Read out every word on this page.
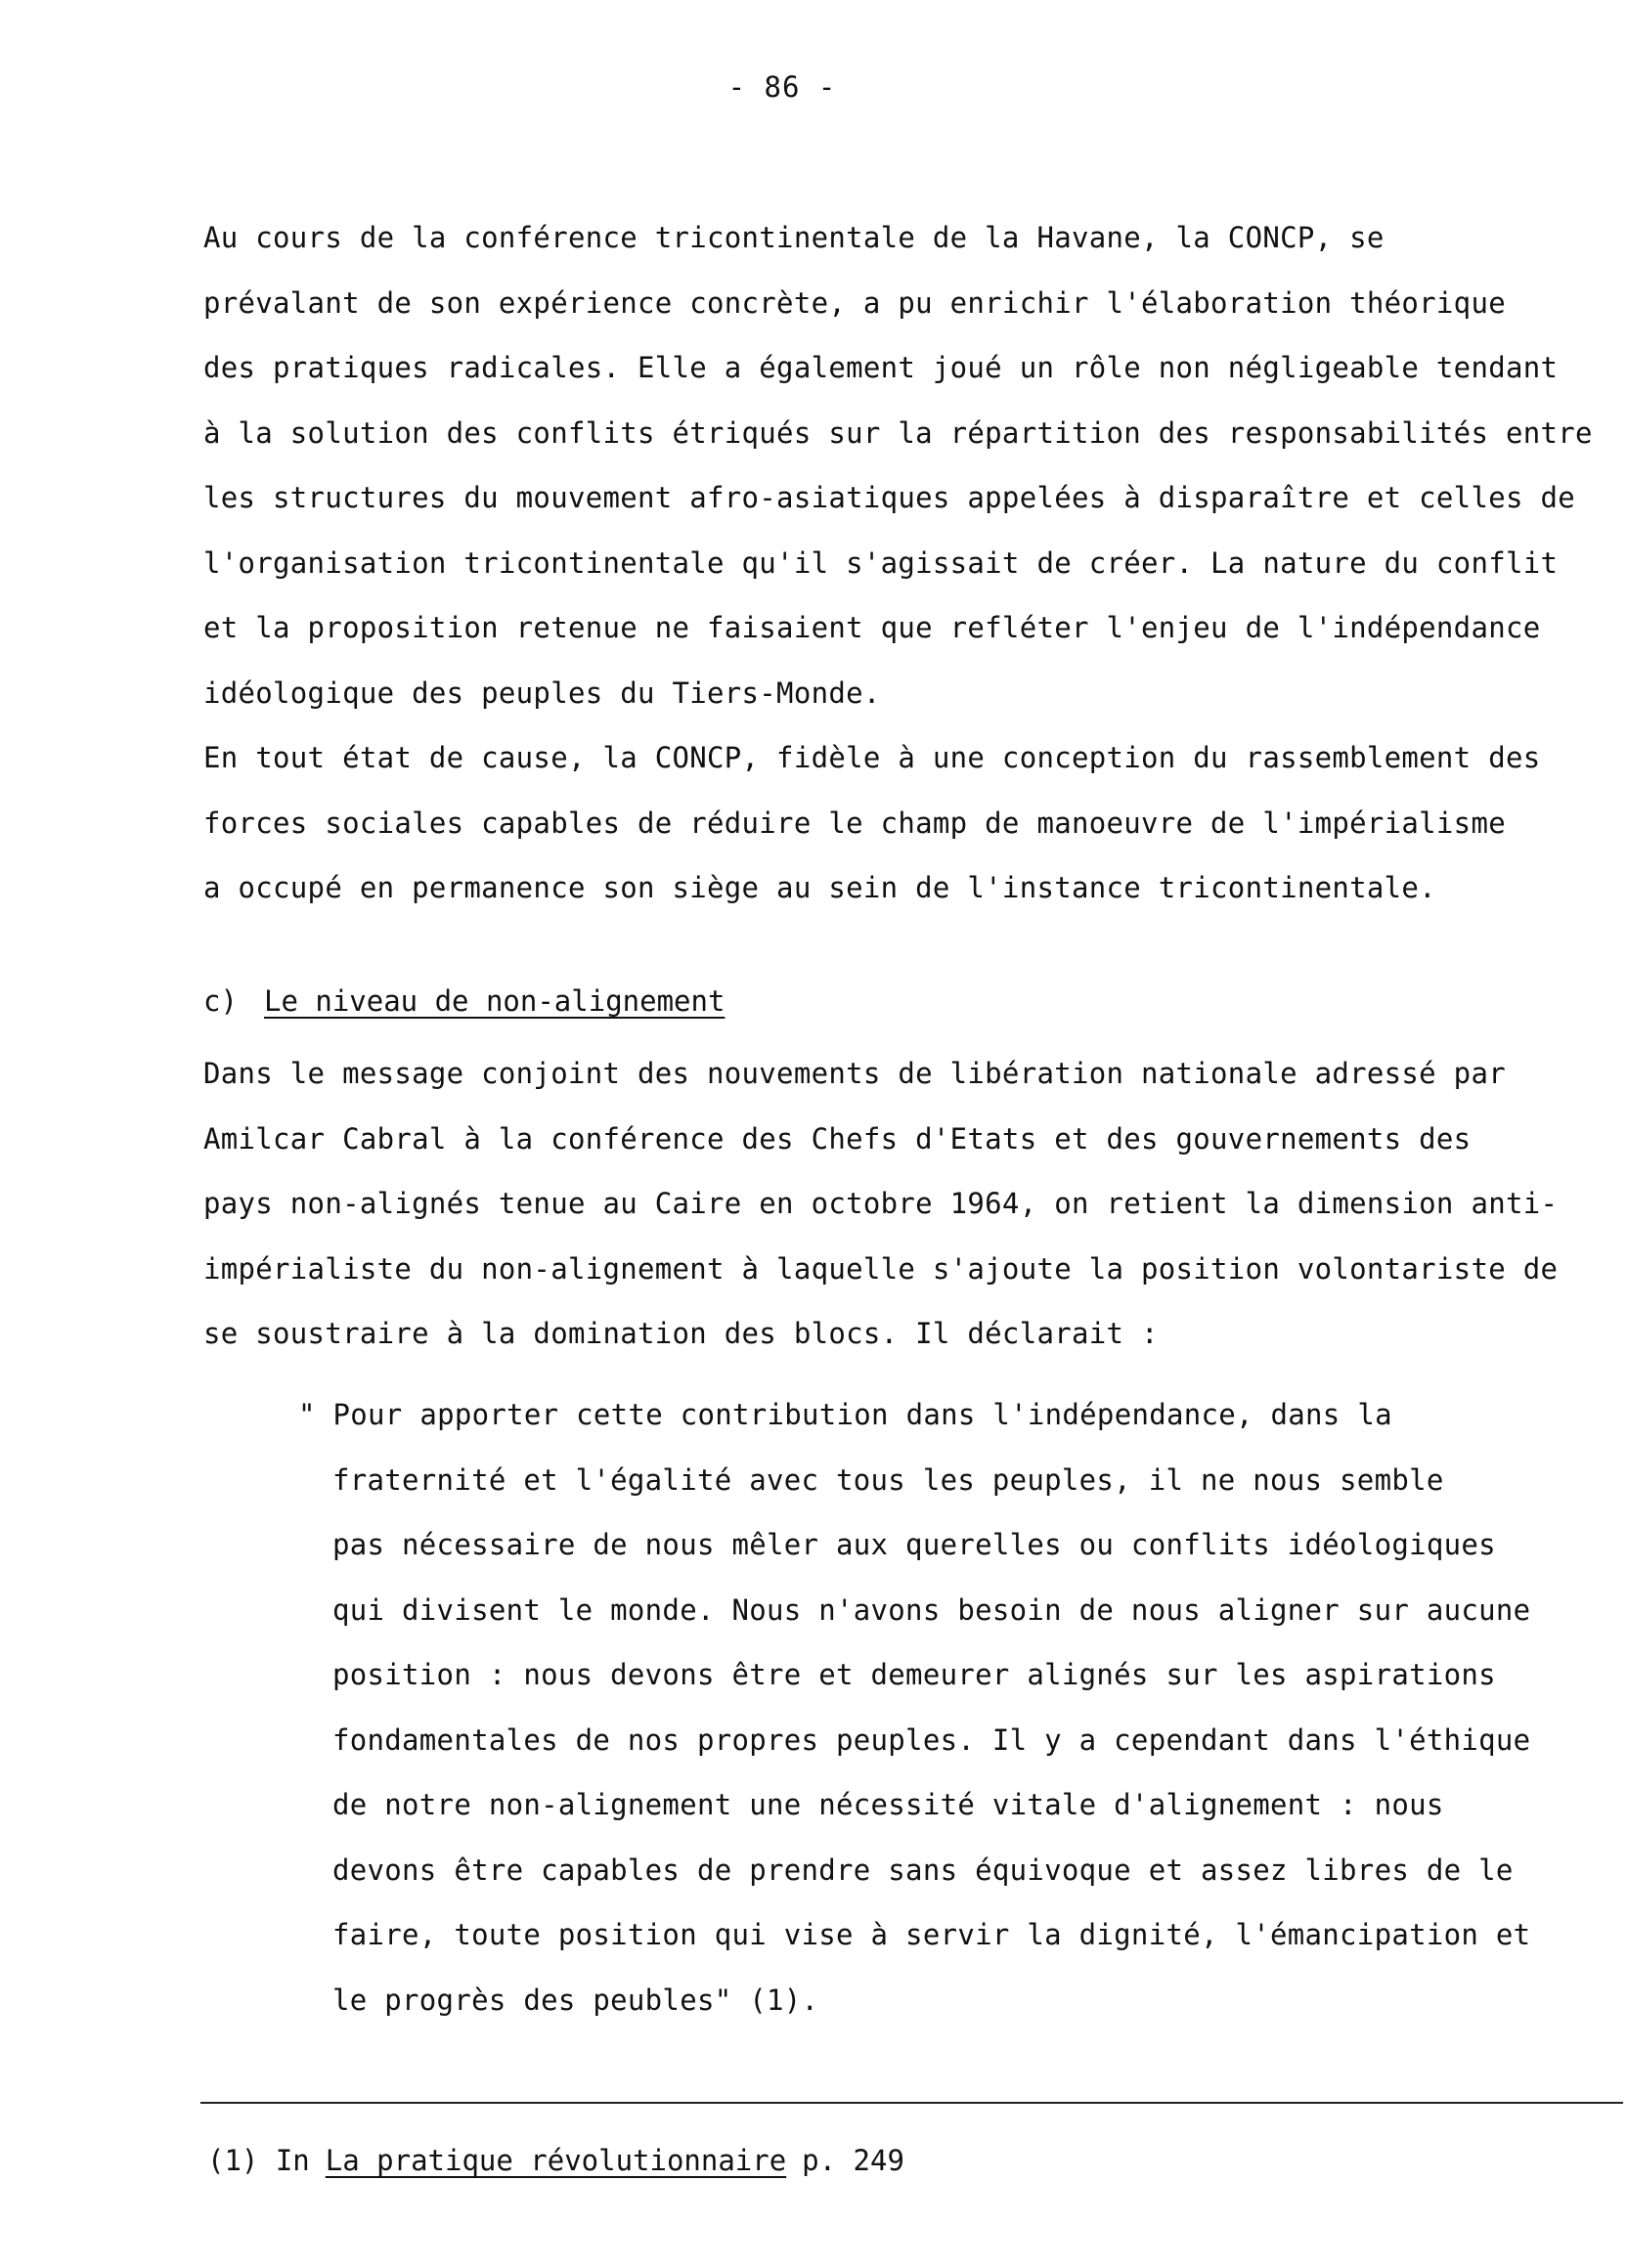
- 86 -
Au cours de la conférence tricontinentale de la Havane, la CONCP, se
prévalant de son expérience concrète, a pu enrichir l'élaboration théorique
des pratiques radicales. Elle a également joué un rôle non négligeable tendant
à la solution des conflits étriqués sur la répartition des responsabilités entre
les structures du mouvement afro-asiatiques appelées à disparaître et celles de
l'organisation tricontinentale qu'il s'agissait de créer. La nature du conflit
et la proposition retenue ne faisaient que refléter l'enjeu de l'indépendance
idéologique des peuples du Tiers-Monde.
En tout état de cause, la CONCP, fidèle à une conception du rassemblement des
forces sociales capables de réduire le champ de manoeuvre de l'impérialisme
a occupé en permanence son siège au sein de l'instance tricontinentale.
c) Le niveau de non-alignement
Dans le message conjoint des nouvements de libération nationale adressé par
Amilcar Cabral à la conférence des Chefs d'Etats et des gouvernements des
pays non-alignés tenue au Caire en octobre 1964, on retient la dimension anti-
impérialiste du non-alignement à laquelle s'ajoute la position volontariste de
se soustraire à la domination des blocs. Il déclarait :
" Pour apporter cette contribution dans l'indépendance, dans la
fraternité et l'égalité avec tous les peuples, il ne nous semble
pas nécessaire de nous mêler aux querelles ou conflits idéologiques
qui divisent le monde. Nous n'avons besoin de nous aligner sur aucune
position : nous devons être et demeurer alignés sur les aspirations
fondamentales de nos propres peuples. Il y a cependant dans l'éthique
de notre non-alignement une nécessité vitale d'alignement : nous
devons être capables de prendre sans équivoque et assez libres de le
faire, toute position qui vise à servir la dignité, l'émancipation et
le progrès des peubles" (1).
(1) In La pratique révolutionnaire p. 249
